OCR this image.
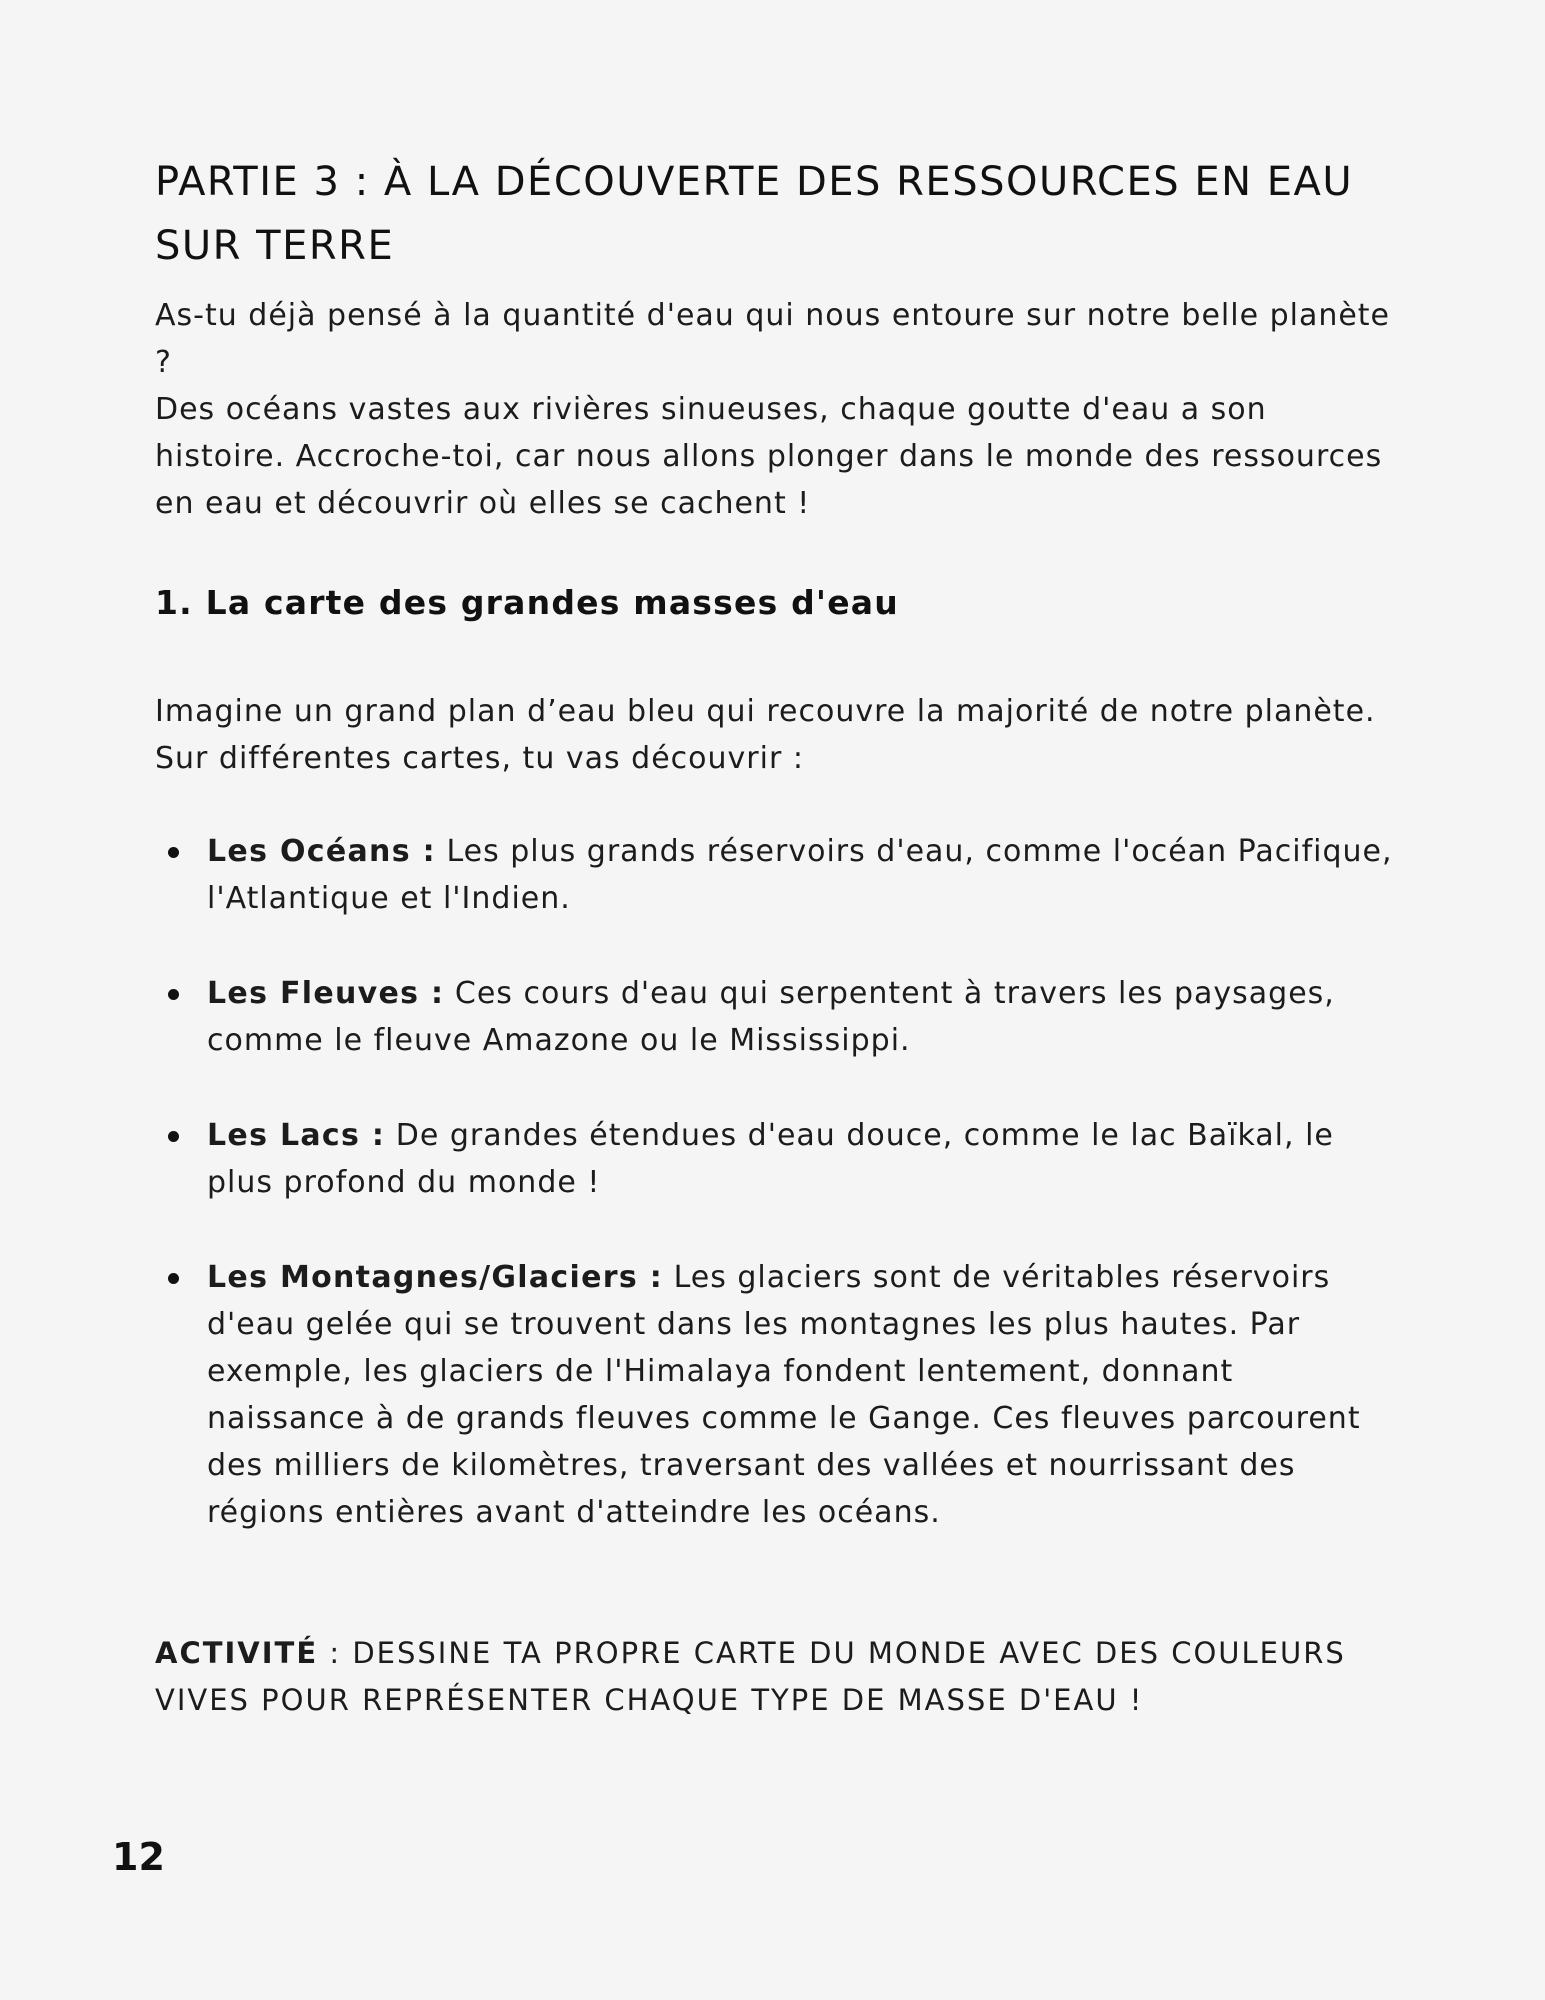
PARTIE 3 : À LA DÉCOUVERTE DES RESSOURCES EN EAU SUR TERRE

As-tu déjà pensé à la quantité d'eau qui nous entoure sur notre belle planète ?

Des océans vastes aux rivières sinueuses, chaque goutte d'eau a son histoire. Accroche-toi, car nous allons plonger dans le monde des ressources en eau et découvrir où elles se cachent !

1. La carte des grandes masses d'eau

Imagine un grand plan d’eau bleu qui recouvre la majorité de notre planète.

Sur différentes cartes, tu vas découvrir :

Les Océans : Les plus grands réservoirs d'eau, comme l'océan Pacifique, l'Atlantique et l'Indien.
Les Fleuves : Ces cours d'eau qui serpentent à travers les paysages, comme le fleuve Amazone ou le Mississippi.
Les Lacs : De grandes étendues d'eau douce, comme le lac Baïkal, le plus profond du monde !
Les Montagnes/Glaciers : Les glaciers sont de véritables réservoirs d'eau gelée qui se trouvent dans les montagnes les plus hautes. Par exemple, les glaciers de l'Himalaya fondent lentement, donnant naissance à de grands fleuves comme le Gange. Ces fleuves parcourent des milliers de kilomètres, traversant des vallées et nourrissant des régions entières avant d'atteindre les océans.

ACTIVITÉ : DESSINE TA PROPRE CARTE DU MONDE AVEC DES COULEURS VIVES POUR REPRÉSENTER CHAQUE TYPE DE MASSE D'EAU !

12
